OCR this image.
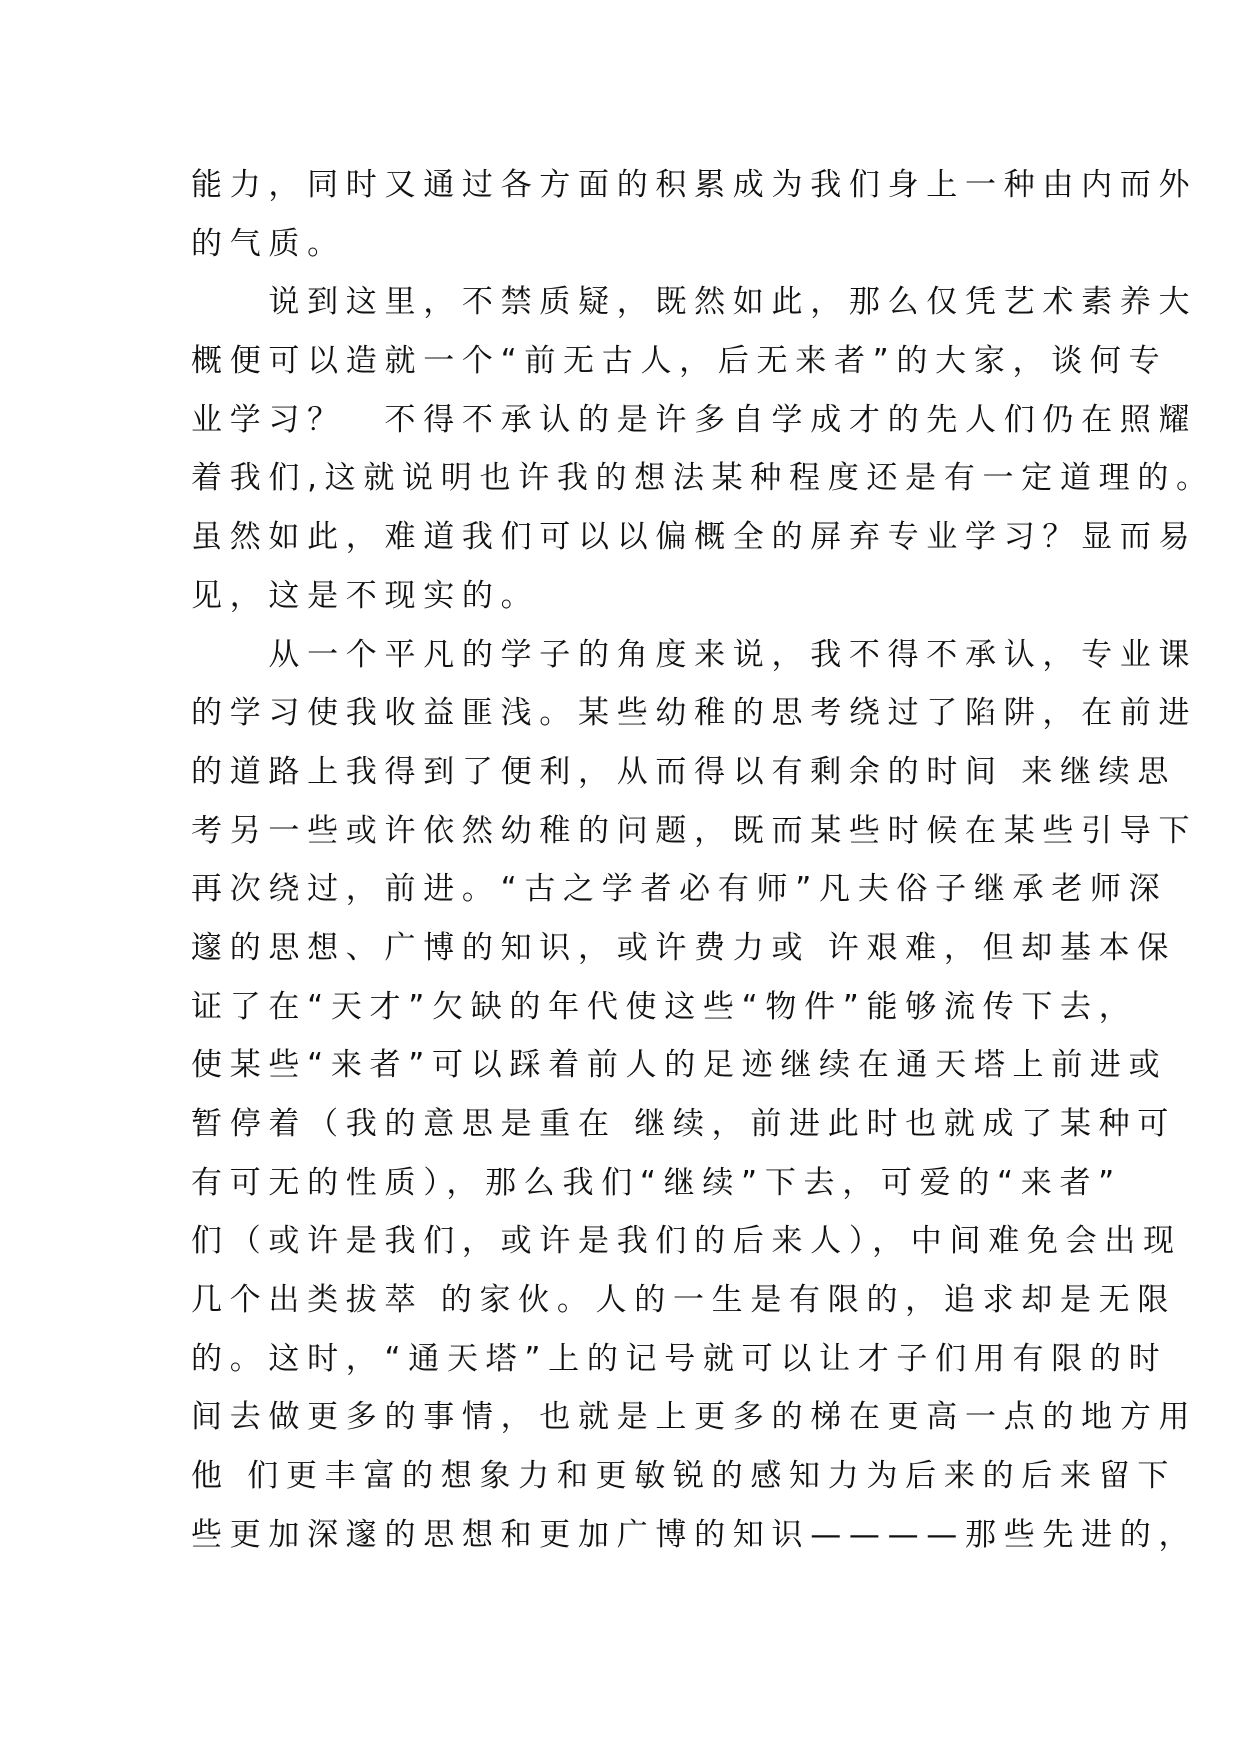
能力，同时又通过各方面的积累成为我们身上一种由内而外
的气质。
　　说到这里，不禁质疑，既然如此，那么仅凭艺术素养大
概便可以造就一个“前无古人，后无来者”的大家，谈何专
业学习？　不得不承认的是许多自学成才的先人们仍在照耀
着我们,这就说明也许我的想法某种程度还是有一定道理的。
虽然如此，难道我们可以以偏概全的屏弃专业学习？显而易
见，这是不现实的。
　　从一个平凡的学子的角度来说，我不得不承认，专业课
的学习使我收益匪浅。某些幼稚的思考绕过了陷阱，在前进
的道路上我得到了便利，从而得以有剩余的时间 来继续思
考另一些或许依然幼稚的问题，既而某些时候在某些引导下
再次绕过，前进。“古之学者必有师”凡夫俗子继承老师深
邃的思想、广博的知识，或许费力或 许艰难，但却基本保
证了在“天才”欠缺的年代使这些“物件”能够流传下去，
使某些“来者”可以踩着前人的足迹继续在通天塔上前进或
暂停着（我的意思是重在 继续，前进此时也就成了某种可
有可无的性质），那么我们“继续”下去，可爱的“来者”
们（或许是我们，或许是我们的后来人），中间难免会出现
几个出类拔萃 的家伙。人的一生是有限的，追求却是无限
的。这时，“通天塔”上的记号就可以让才子们用有限的时
间去做更多的事情，也就是上更多的梯在更高一点的地方用
他 们更丰富的想象力和更敏锐的感知力为后来的后来留下
些更加深邃的思想和更加广博的知识————那些先进的，
